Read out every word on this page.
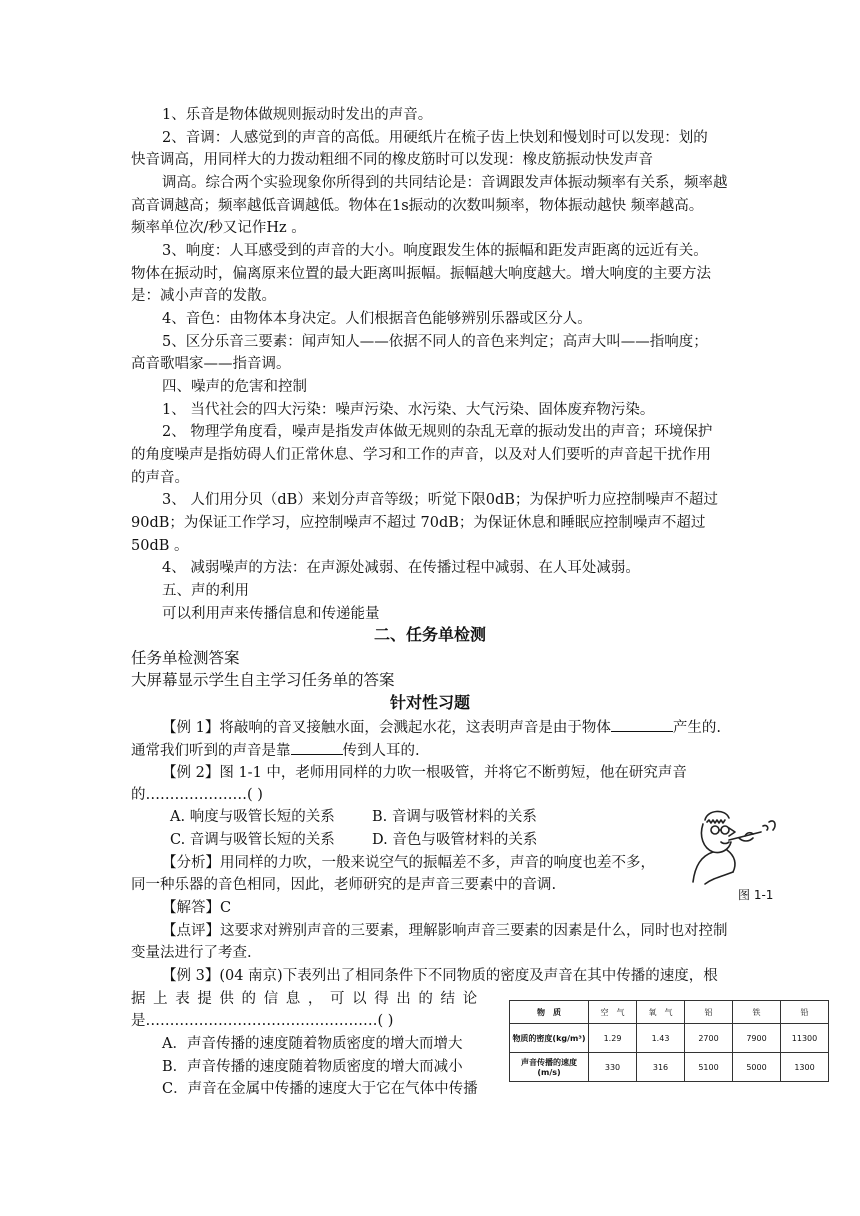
1、乐音是物体做规则振动时发出的声音。
2、音调：人感觉到的声音的高低。用硬纸片在梳子齿上快划和慢划时可以发现：划的
快音调高，用同样大的力拨动粗细不同的橡皮筋时可以发现：橡皮筋振动快发声音
调高。综合两个实验现象你所得到的共同结论是：音调跟发声体振动频率有关系，频率越
高音调越高；频率越低音调越低。物体在1s振动的次数叫频率，物体振动越快 频率越高。
频率单位次/秒又记作Hz 。
3、响度：人耳感受到的声音的大小。响度跟发生体的振幅和距发声距离的远近有关。
物体在振动时，偏离原来位置的最大距离叫振幅。振幅越大响度越大。增大响度的主要方法
是：减小声音的发散。
4、音色：由物体本身决定。人们根据音色能够辨别乐器或区分人。
5、区分乐音三要素：闻声知人——依据不同人的音色来判定；高声大叫——指响度；
高音歌唱家——指音调。
四、噪声的危害和控制
1、 当代社会的四大污染：噪声污染、水污染、大气污染、固体废弃物污染。
2、 物理学角度看，噪声是指发声体做无规则的杂乱无章的振动发出的声音；环境保护
的角度噪声是指妨碍人们正常休息、学习和工作的声音，以及对人们要听的声音起干扰作用
的声音。
3、 人们用分贝（dB）来划分声音等级；听觉下限0dB；为保护听力应控制噪声不超过
90dB；为保证工作学习，应控制噪声不超过 70dB；为保证休息和睡眠应控制噪声不超过
50dB 。
4、 减弱噪声的方法：在声源处减弱、在传播过程中减弱、在人耳处减弱。
五、声的利用
可以利用声来传播信息和传递能量
二、任务单检测
任务单检测答案
大屏幕显示学生自主学习任务单的答案
针对性习题
【例 1】将敲响的音叉接触水面，会溅起水花，这表明声音是由于物体	产生的.
通常我们听到的声音是靠	传到人耳的.
【例 2】图 1-1 中，老师用同样的力吹一根吸管，并将它不断剪短，他在研究声音
的…………………( )
A. 响度与吸管长短的关系	B. 音调与吸管材料的关系
C. 音调与吸管长短的关系	D. 音色与吸管材料的关系
【分析】用同样的力吹，一般来说空气的振幅差不多，声音的响度也差不多，
同一种乐器的音色相同，因此，老师研究的是声音三要素中的音调.
【解答】C
【点评】这要求对辨别声音的三要素，理解影响声音三要素的因素是什么，同时也对控制
变量法进行了考查.
图 1-1
【例 3】(04 南京)下表列出了相同条件下不同物质的密度及声音在其中传播的速度，根
据 上 表 提 供 的 信 息 ， 可 以 得 出 的 结 论
是…………………………………………( )
A．声音传播的速度随着物质密度的增大而增大
B．声音传播的速度随着物质密度的增大而减小
C．声音在金属中传播的速度大于它在气体中传播
物　质	空　气	氧　气	铝	铁	铅
物质的密度(kg/m³)	1.29	1.43	2700	7900	11300
声音传播的速度(m/s)	330	316	5100	5000	1300
